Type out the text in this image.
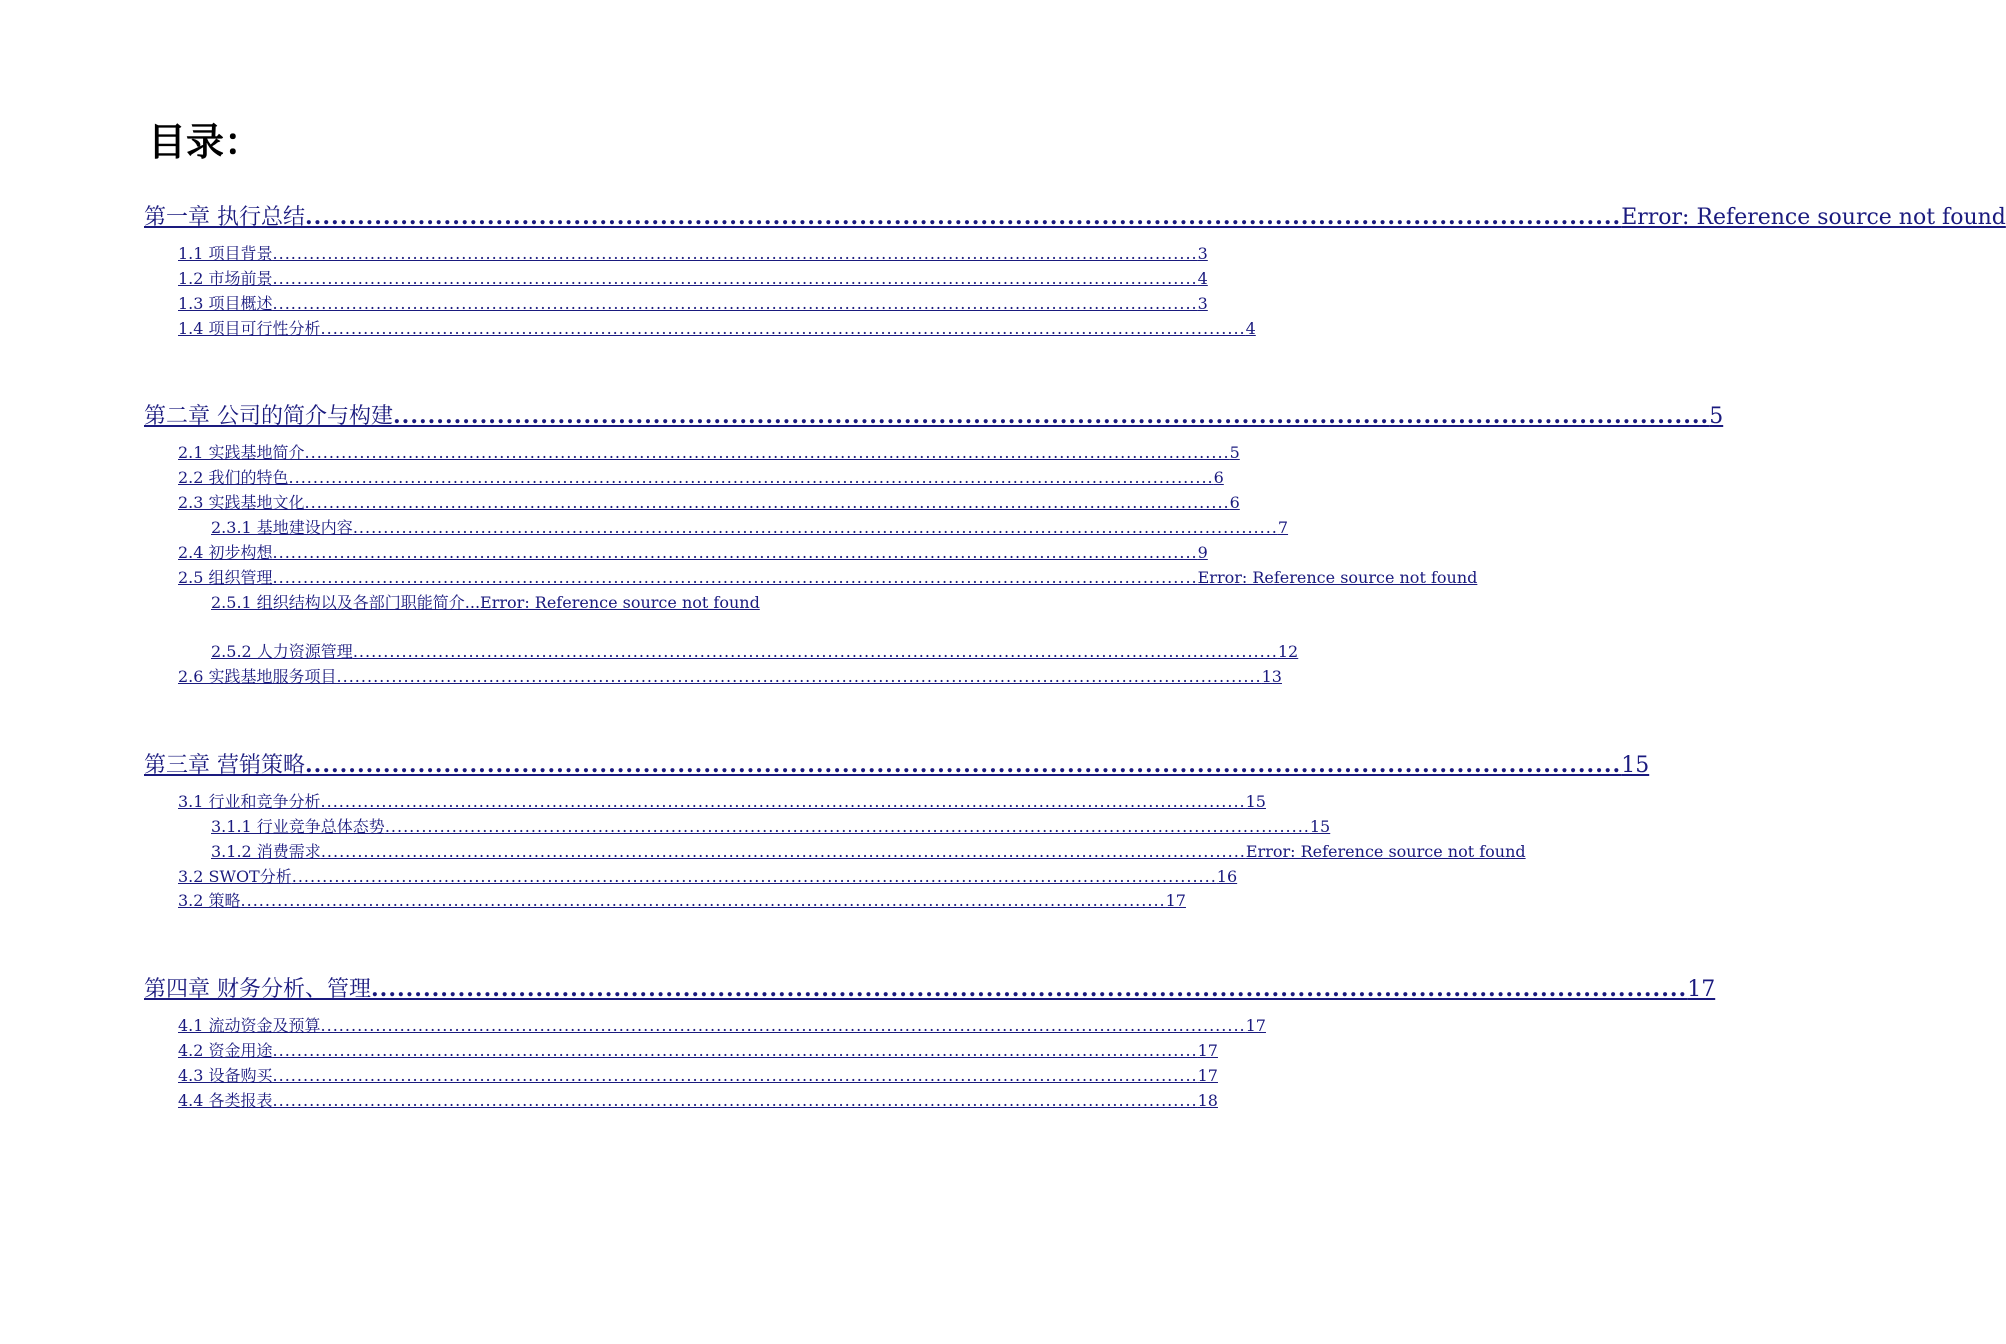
目录：
第一章 执行总结 ........................................................................................................................................................ Error: Reference source not found
1.1 项目背景 ........................................................................................................................................................ 3
1.2 市场前景 ........................................................................................................................................................ 4
1.3 项目概述 ........................................................................................................................................................ 3
1.4 项目可行性分析 ........................................................................................................................................................ 4
第二章 公司的简介与构建 ........................................................................................................................................................ 5
2.1 实践基地简介 ........................................................................................................................................................ 5
2.2 我们的特色 ........................................................................................................................................................ 6
2.3 实践基地文化 ........................................................................................................................................................ 6
2.3.1 基地建设内容 ........................................................................................................................................................ 7
2.4 初步构想 ........................................................................................................................................................ 9
2.5 组织管理 ........................................................................................................................................................ Error: Reference source not found
2.5.1 组织结构以及各部门职能简介...Error: Reference source not found
2.5.2 人力资源管理 ........................................................................................................................................................ 12
2.6 实践基地服务项目 ........................................................................................................................................................ 13
第三章 营销策略 ........................................................................................................................................................ 15
3.1 行业和竞争分析 ........................................................................................................................................................ 15
3.1.1 行业竞争总体态势 ........................................................................................................................................................ 15
3.1.2 消费需求 ........................................................................................................................................................ Error: Reference source not found
3.2 SWOT分析 ........................................................................................................................................................ 16
3.2 策略 ........................................................................................................................................................ 17
第四章 财务分析、管理 ........................................................................................................................................................ 17
4.1 流动资金及预算 ........................................................................................................................................................ 17
4.2 资金用途 ........................................................................................................................................................ 17
4.3 设备购买 ........................................................................................................................................................ 17
4.4 各类报表 ........................................................................................................................................................ 18
